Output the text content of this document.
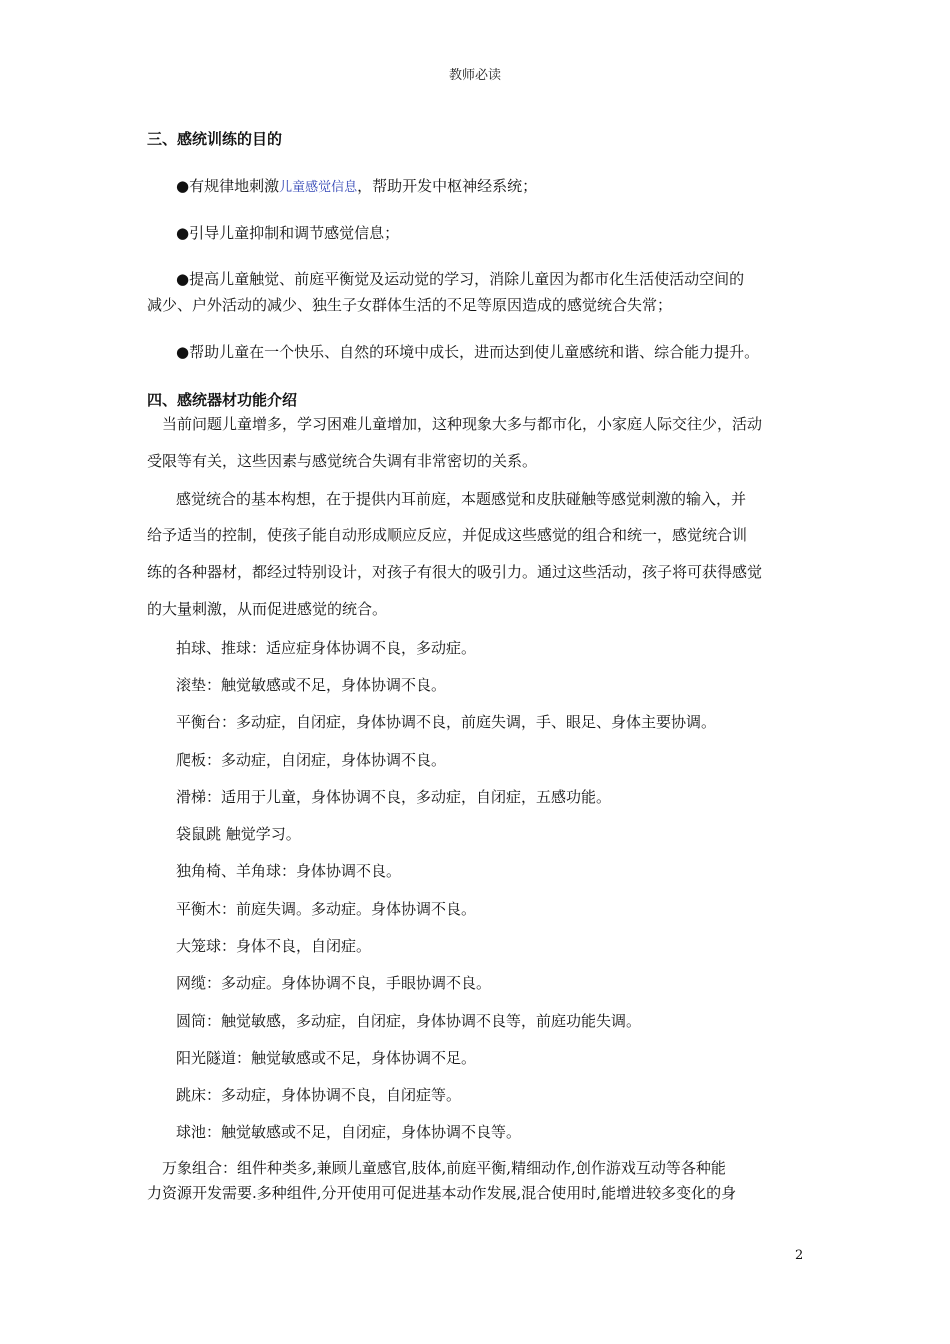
教师必读
三、感统训练的目的
●有规律地刺激儿童感觉信息，帮助开发中枢神经系统；
●引导儿童抑制和调节感觉信息；
●提高儿童触觉、前庭平衡觉及运动觉的学习，消除儿童因为都市化生活使活动空间的
减少、户外活动的减少、独生子女群体生活的不足等原因造成的感觉统合失常；
●帮助儿童在一个快乐、自然的环境中成长，进而达到使儿童感统和谐、综合能力提升。
四、感统器材功能介绍
当前问题儿童增多，学习困难儿童增加，这种现象大多与都市化，小家庭人际交往少，活动
受限等有关，这些因素与感觉统合失调有非常密切的关系。
感觉统合的基本构想，在于提供内耳前庭，本题感觉和皮肤碰触等感觉刺激的输入，并
给予适当的控制，使孩子能自动形成顺应反应，并促成这些感觉的组合和统一，感觉统合训
练的各种器材，都经过特别设计，对孩子有很大的吸引力。通过这些活动，孩子将可获得感觉
的大量刺激，从而促进感觉的统合。
拍球、推球：适应症身体协调不良，多动症。
滚垫：触觉敏感或不足，身体协调不良。
平衡台：多动症，自闭症，身体协调不良，前庭失调，手、眼足、身体主要协调。
爬板：多动症，自闭症，身体协调不良。
滑梯：适用于儿童，身体协调不良，多动症，自闭症，五感功能。
袋鼠跳 触觉学习。
独角椅、羊角球：身体协调不良。
平衡木：前庭失调。多动症。身体协调不良。
大笼球：身体不良，自闭症。
网缆：多动症。身体协调不良，手眼协调不良。
圆筒：触觉敏感，多动症，自闭症，身体协调不良等，前庭功能失调。
阳光隧道：触觉敏感或不足，身体协调不足。
跳床：多动症，身体协调不良，自闭症等。
球池：触觉敏感或不足，自闭症，身体协调不良等。
万象组合：组件种类多,兼顾儿童感官,肢体,前庭平衡,精细动作,创作游戏互动等各种能
力资源开发需要.多种组件,分开使用可促进基本动作发展,混合使用时,能增进较多变化的身
2
